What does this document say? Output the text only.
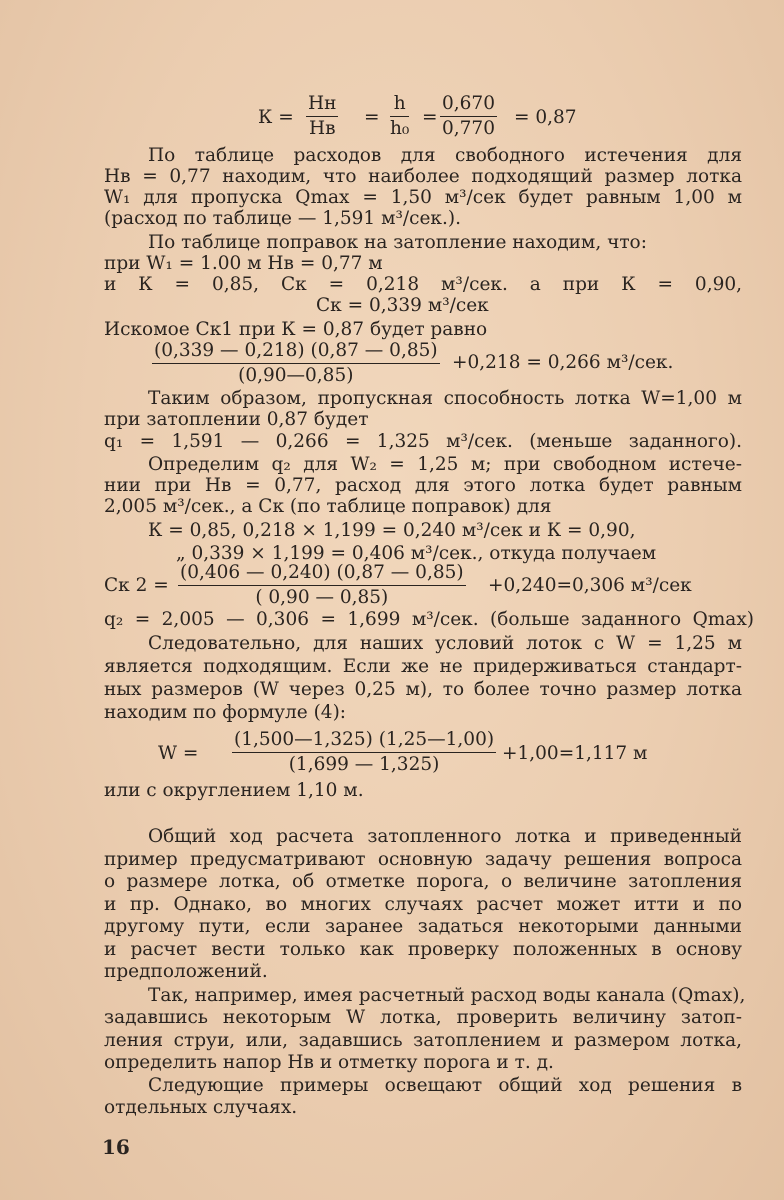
К =
Hн
Hв
= $\frac{h}{\text{h₀}} = \frac{0,670}{0,770} = 0,87$
По таблице расходов для свободного истечения для
Нв = 0,77 находим, что наиболее подходящий размер лотка
W₁ для пропуска Qmax = 1,50 м³/сек будет равным 1,00 м
(расход по таблице — 1,591 м³/сек.).
По таблице поправок на затопление находим, что:
при W₁ = 1.00 м Нв = 0,77 м
и К = 0,85, Ск = 0,218 м³/сек. а при К = 0,90,
Ск = 0,339 м³/сек
Искомое Ск1 при К = 0,87 будет равно
$\frac{(0,339 — 0,218) (0,87 — 0,85)}{(0,90—0,85)} +0,218 = 0,266$ м³/сек.
Таким образом, пропускная способность лотка W=1,00 м
при затоплении 0,87 будет
q₁ = 1,591 — 0,266 = 1,325 м³/сек. (меньше заданного).
Определим q₂ для W₂ = 1,25 м; при свободном истече-
нии при Нв = 0,77, расход для этого лотка будет равным
2,005 м³/сек., а Ск (по таблице поправок) для
К = 0,85, 0,218 × 1,199 = 0,240 м³/сек и К = 0,90,
„ 0,339 × 1,199 = 0,406 м³/сек., откуда получаем
Ск $2 = \frac{(0,406 — 0,240) (0,87 — 0,85)}{( 0,90 — 0,85)} +0,240=0,306$ м³/сек
q₂ = 2,005 — 0,306 = 1,699 м³/сек. (больше заданного Qmax)
Следовательно, для наших условий лоток с W = 1,25 м
является подходящим. Если же не придерживаться стандарт-
ных размеров (W через 0,25 м), то более точно размер лотка
находим по формуле (4):
$W = \frac{(1,500—1,325) (1,25—1,00)}{(1,699 — 1,325)} +1,00=1,117$ м
или с округлением 1,10 м.
Общий ход расчета затопленного лотка и приведенный
пример предусматривают основную задачу решения вопроса
о размере лотка, об отметке порога, о величине затопления
и пр. Однако, во многих случаях расчет может итти и по
другому пути, если заранее задаться некоторыми данными
и расчет вести только как проверку положенных в основу
предположений.
Так, например, имея расчетный расход воды канала (Qmax),
задавшись некоторым W лотка, проверить величину затоп-
ления струи, или, задавшись затоплением и размером лотка,
определить напор Нв и отметку порога и т. д.
Следующие примеры освещают общий ход решения в
отдельных случаях.
16
